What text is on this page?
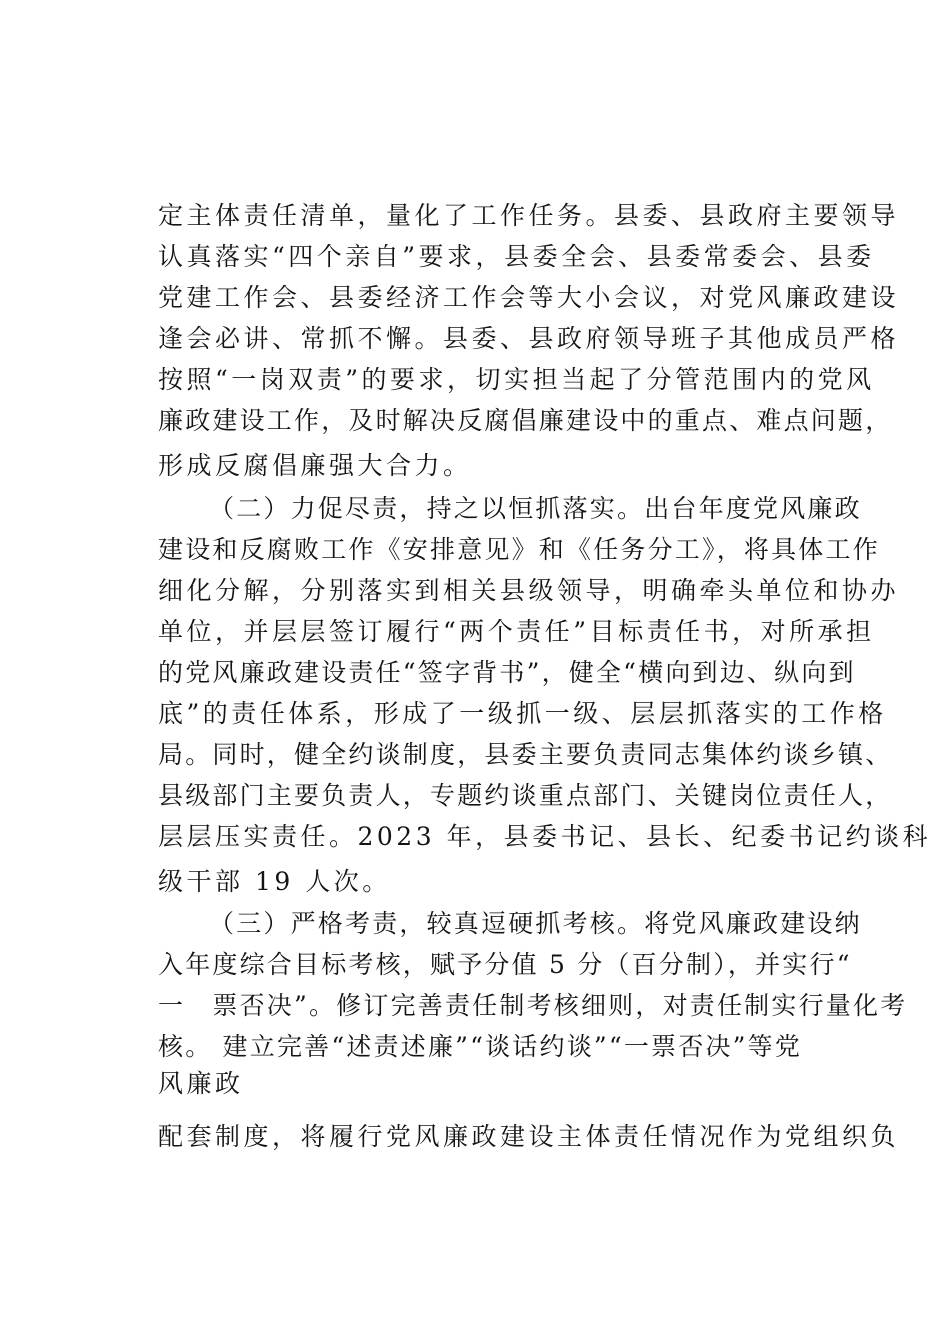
定主体责任清单，量化了工作任务。县委、县政府主要领导
认真落实“四个亲自”要求，县委全会、县委常委会、县委
党建工作会、县委经济工作会等大小会议，对党风廉政建设
逢会必讲、常抓不懈。县委、县政府领导班子其他成员严格
按照“一岗双责”的要求，切实担当起了分管范围内的党风
廉政建设工作，及时解决反腐倡廉建设中的重点、难点问题，
形成反腐倡廉强大合力。
（二）力促尽责，持之以恒抓落实。出台年度党风廉政
建设和反腐败工作《安排意见》和《任务分工》，将具体工作
细化分解，分别落实到相关县级领导，明确牵头单位和协办
单位，并层层签订履行“两个责任”目标责任书，对所承担
的党风廉政建设责任“签字背书”，健全“横向到边、纵向到
底”的责任体系，形成了一级抓一级、层层抓落实的工作格
局。同时，健全约谈制度，县委主要负责同志集体约谈乡镇、
县级部门主要负责人，专题约谈重点部门、关键岗位责任人，
层层压实责任。2023 年，县委书记、县长、纪委书记约谈科
级干部 19 人次。
（三）严格考责，较真逗硬抓考核。将党风廉政建设纳
入年度综合目标考核，赋予分值 5 分（百分制），并实行“
一　票否决”。修订完善责任制考核细则，对责任制实行量化考
核。 建立完善“述责述廉”“谈话约谈”“一票否决”等党
风廉政
配套制度，将履行党风廉政建设主体责任情况作为党组织负
